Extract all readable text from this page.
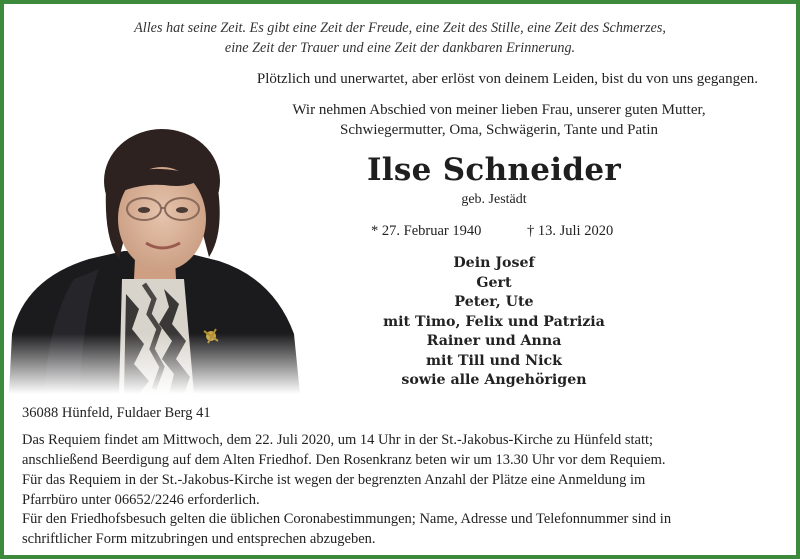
Alles hat seine Zeit. Es gibt eine Zeit der Freude, eine Zeit des Stille, eine Zeit des Schmerzes,
eine Zeit der Trauer und eine Zeit der dankbaren Erinnerung.
Plötzlich und unerwartet, aber erlöst von deinem Leiden, bist du von uns gegangen.
Wir nehmen Abschied von meiner lieben Frau, unserer guten Mutter,
Schwiegermutter, Oma, Schwägerin, Tante und Patin
Ilse Schneider
geb. Jestädt
* 27. Februar 1940	† 13. Juli 2020
Dein Josef
Gert
Peter, Ute
mit Timo, Felix und Patrizia
Rainer und Anna
mit Till und Nick
sowie alle Angehörigen
36088 Hünfeld, Fuldaer Berg 41
Das Requiem findet am Mittwoch, dem 22. Juli 2020, um 14 Uhr in der St.-Jakobus-Kirche zu Hünfeld statt;
anschließend Beerdigung auf dem Alten Friedhof. Den Rosenkranz beten wir um 13.30 Uhr vor dem Requiem.
Für das Requiem in der St.-Jakobus-Kirche ist wegen der begrenzten Anzahl der Plätze eine Anmeldung im
Pfarrbüro unter 06652/2246 erforderlich.
Für den Friedhofsbesuch gelten die üblichen Coronabestimmungen; Name, Adresse und Telefonnummer sind in
schriftlicher Form mitzubringen und entsprechen abzugeben.
